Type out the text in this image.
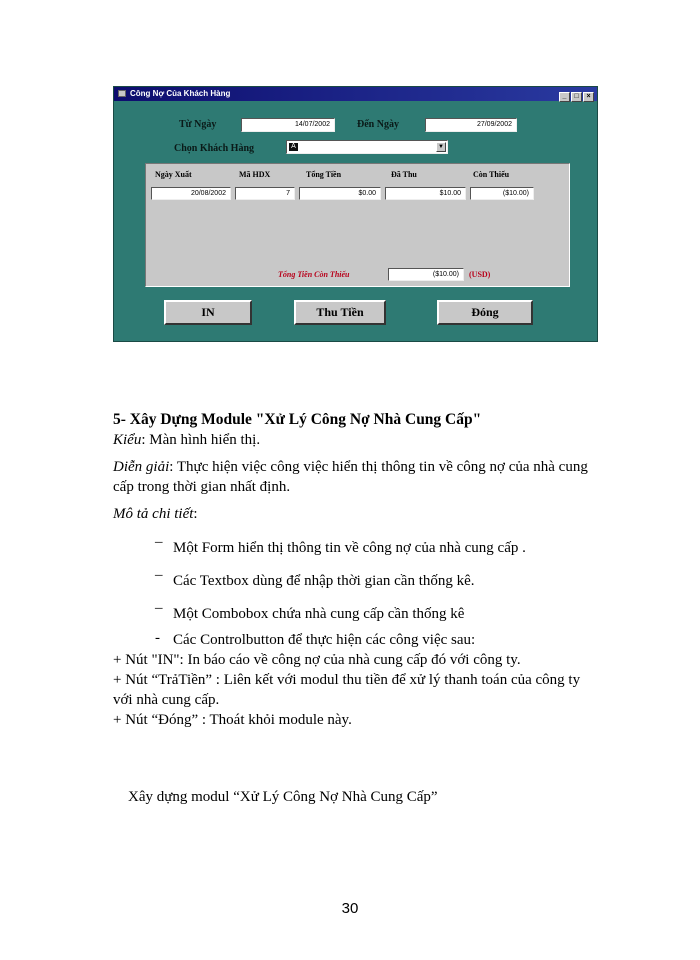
Công Nợ Của Khách Hàng	_ □ ×
Từ Ngày	14/07/2002	Đến Ngày	27/09/2002
Chọn Khách Hàng	A	▼
Ngày Xuất	Mã HDX	Tổng Tiền	Đã Thu	Còn Thiếu
20/08/2002	7	$0.00	$10.00	($10.00)
Tổng Tiền Còn Thiếu	($10.00)	(USD)
IN	Thu Tiền	Đóng
5- Xây Dựng Module "Xử Lý Công Nợ Nhà Cung Cấp"
Kiểu: Màn hình hiển thị.
Diễn giải: Thực hiện việc công việc hiển thị thông tin về công nợ của nhà cung
cấp trong thời gian nhất định.
Mô tả chi tiết:
– Một Form hiển thị thông tin về công nợ của nhà cung cấp .
– Các Textbox dùng để nhập thời gian cần thống kê.
– Một Combobox chứa nhà cung cấp cần thống kê
- Các Controlbutton để thực hiện các công việc sau:
+ Nút "IN": In báo cáo về công nợ của nhà cung cấp đó với công ty.
+ Nút “TrảTiền” : Liên kết với modul thu tiền để xử lý thanh toán của công ty
với nhà cung cấp.
+ Nút “Đóng” : Thoát khỏi module này.
Xây dựng modul “Xử Lý Công Nợ Nhà Cung Cấp”
30
